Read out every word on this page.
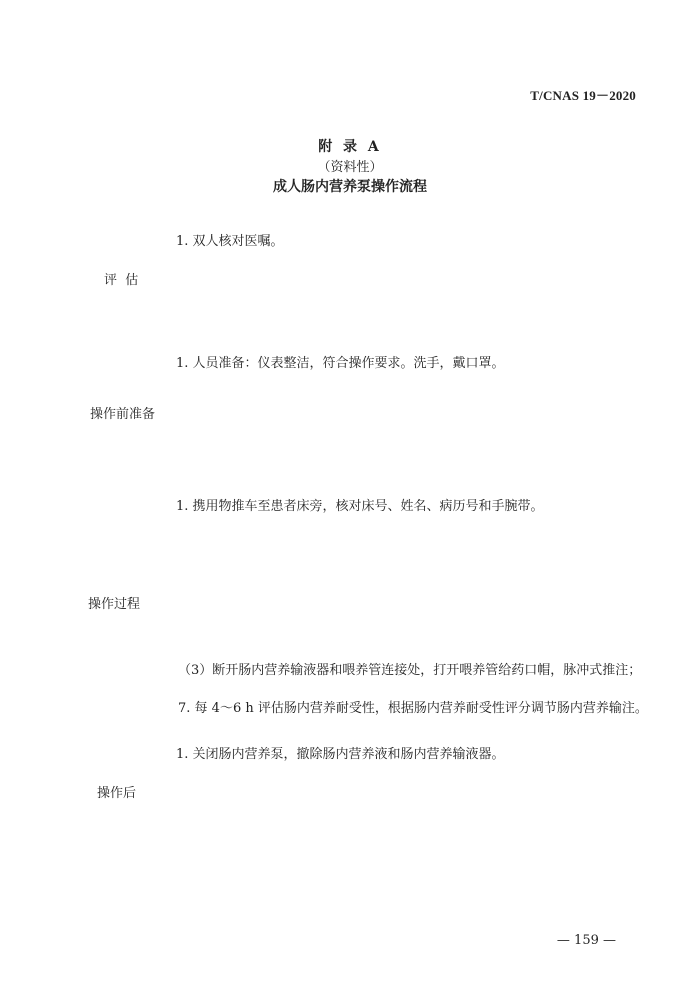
T/CNAS 19－2020
附 录 A
（资料性）
成人肠内营养泵操作流程
1. 双人核对医嘱。
评  估
1. 人员准备：仪表整洁，符合操作要求。洗手，戴口罩。
操作前准备
1. 携用物推车至患者床旁，核对床号、姓名、病历号和手腕带。
操作过程
（3）断开肠内营养输液器和喂养管连接处，打开喂养管给药口帽，脉冲式推注；
7. 每 4～6 h 评估肠内营养耐受性，根据肠内营养耐受性评分调节肠内营养输注。
1. 关闭肠内营养泵，撤除肠内营养液和肠内营养输液器。
操作后
— 159 —
